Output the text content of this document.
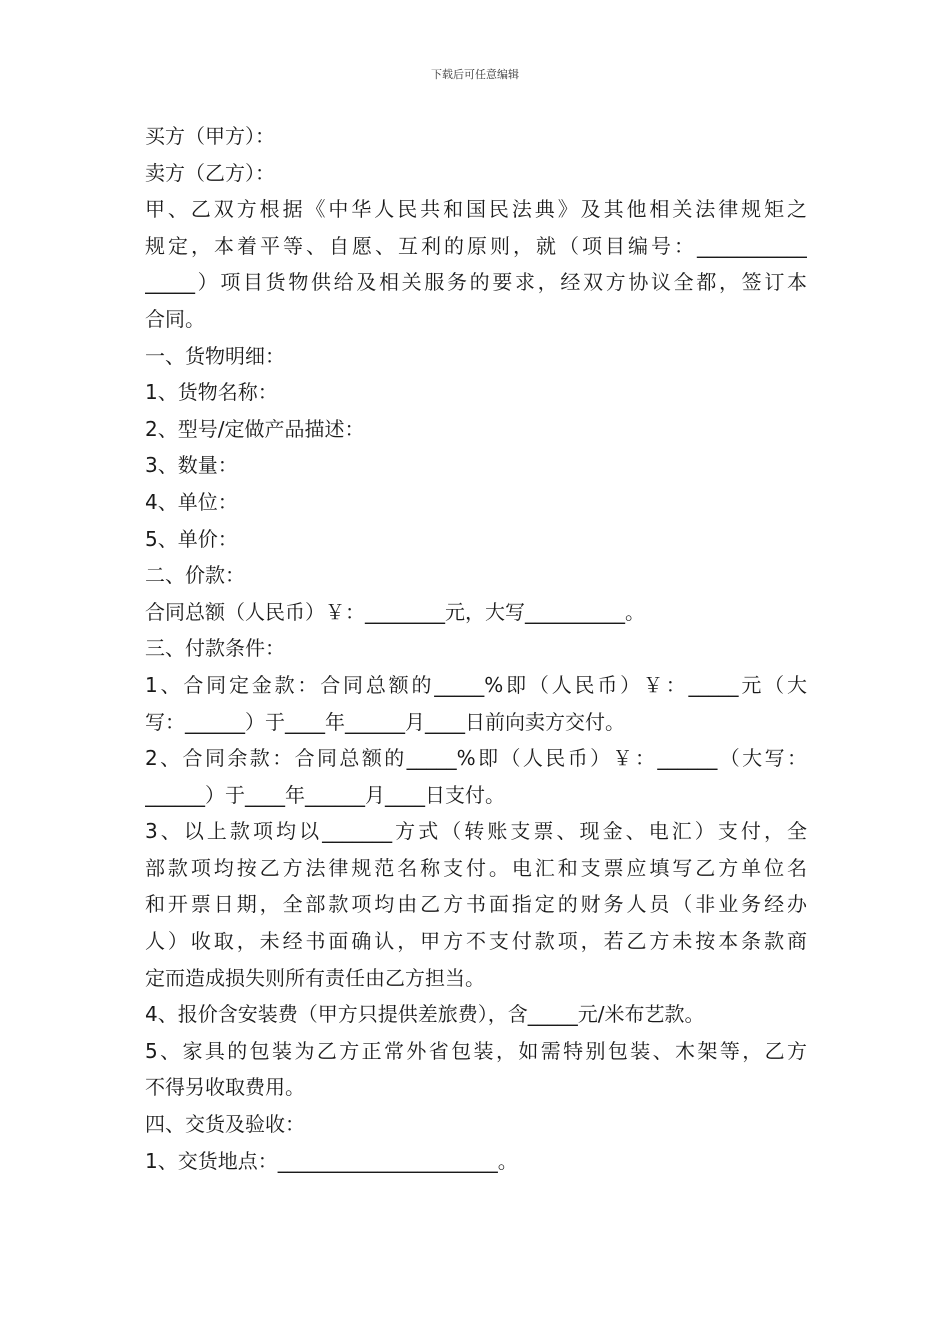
下载后可任意编辑
买方（甲方）：
卖方（乙方）：
甲、乙双方根据《中华人民共和国民法典》及其他相关法律规矩之
规定，本着平等、自愿、互利的原则，就（项目编号：___________
_____）项目货物供给及相关服务的要求，经双方协议全都，签订本
合同。
一、货物明细：
1、货物名称：
2、型号/定做产品描述：
3、数量：
4、单位：
5、单价：
二、价款：
合同总额（人民币）￥：________元，大写__________。
三、付款条件：
1、合同定金款：合同总额的_____%即（人民币）￥：_____元（大
写：______）于____年______月____日前向卖方交付。
2、合同余款：合同总额的_____%即（人民币）￥：______（大写：
______）于____年______月____日支付。
3、以上款项均以_______方式（转账支票、现金、电汇）支付，全
部款项均按乙方法律规范名称支付。电汇和支票应填写乙方单位名
和开票日期，全部款项均由乙方书面指定的财务人员（非业务经办
人）收取，未经书面确认，甲方不支付款项，若乙方未按本条款商
定而造成损失则所有责任由乙方担当。
4、报价含安装费（甲方只提供差旅费），含_____元/米布艺款。
5、家具的包装为乙方正常外省包装，如需特别包装、木架等，乙方
不得另收取费用。
四、交货及验收：
1、交货地点：______________________。
